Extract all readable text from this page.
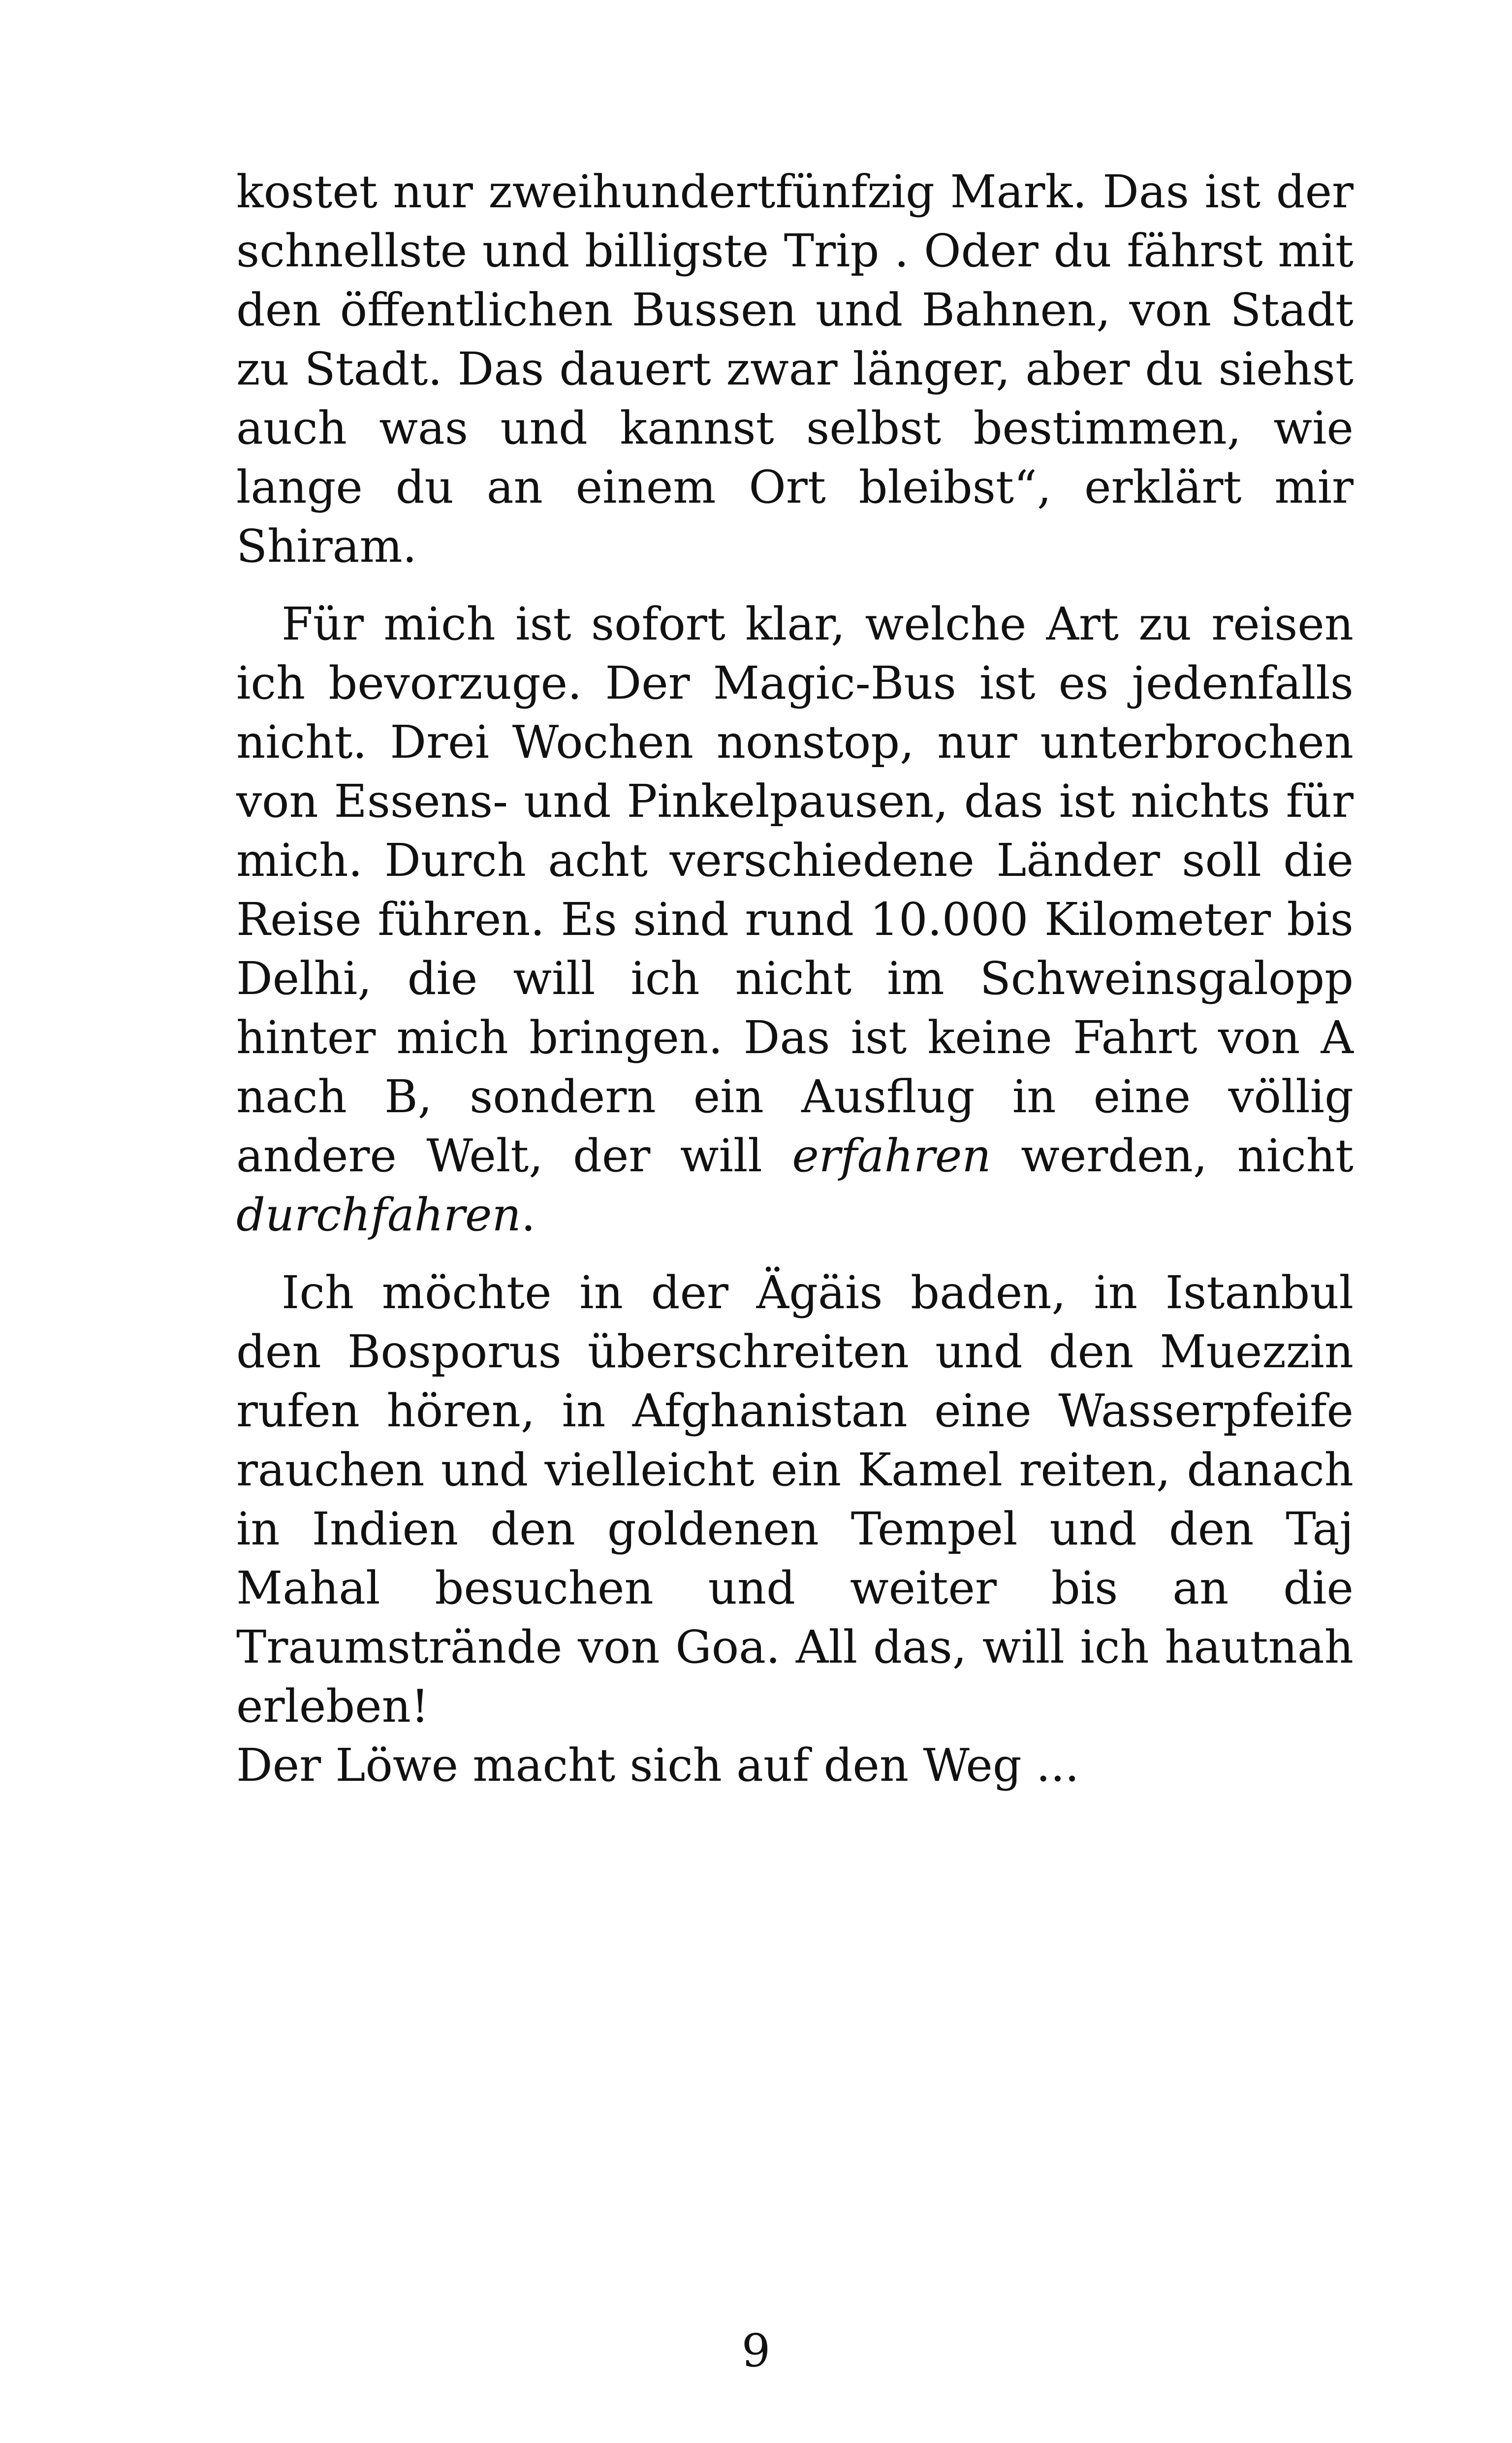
kostet nur zweihundertfünfzig Mark. Das ist der schnellste und billigste Trip . Oder du fährst mit den öffentlichen Bussen und Bahnen, von Stadt zu Stadt. Das dauert zwar länger, aber du siehst auch was und kannst selbst bestimmen, wie lange du an einem Ort bleibst“, erklärt mir Shiram.

Für mich ist sofort klar, welche Art zu reisen ich bevorzuge. Der Magic-Bus ist es jedenfalls nicht. Drei Wochen nonstop, nur unterbrochen von Essens- und Pinkelpausen, das ist nichts für mich. Durch acht verschiedene Länder soll die Reise führen. Es sind rund 10.000 Kilometer bis Delhi, die will ich nicht im Schweinsgalopp hinter mich bringen. Das ist keine Fahrt von A nach B, sondern ein Ausflug in eine völlig andere Welt, der will erfahren werden, nicht durchfahren.

Ich möchte in der Ägäis baden, in Istanbul den Bosporus überschreiten und den Muezzin rufen hören, in Afghanistan eine Wasserpfeife rauchen und vielleicht ein Kamel reiten, danach in Indien den goldenen Tempel und den Taj Mahal besuchen und weiter bis an die Traumstrände von Goa. All das, will ich hautnah erleben!

Der Löwe macht sich auf den Weg ...

9
